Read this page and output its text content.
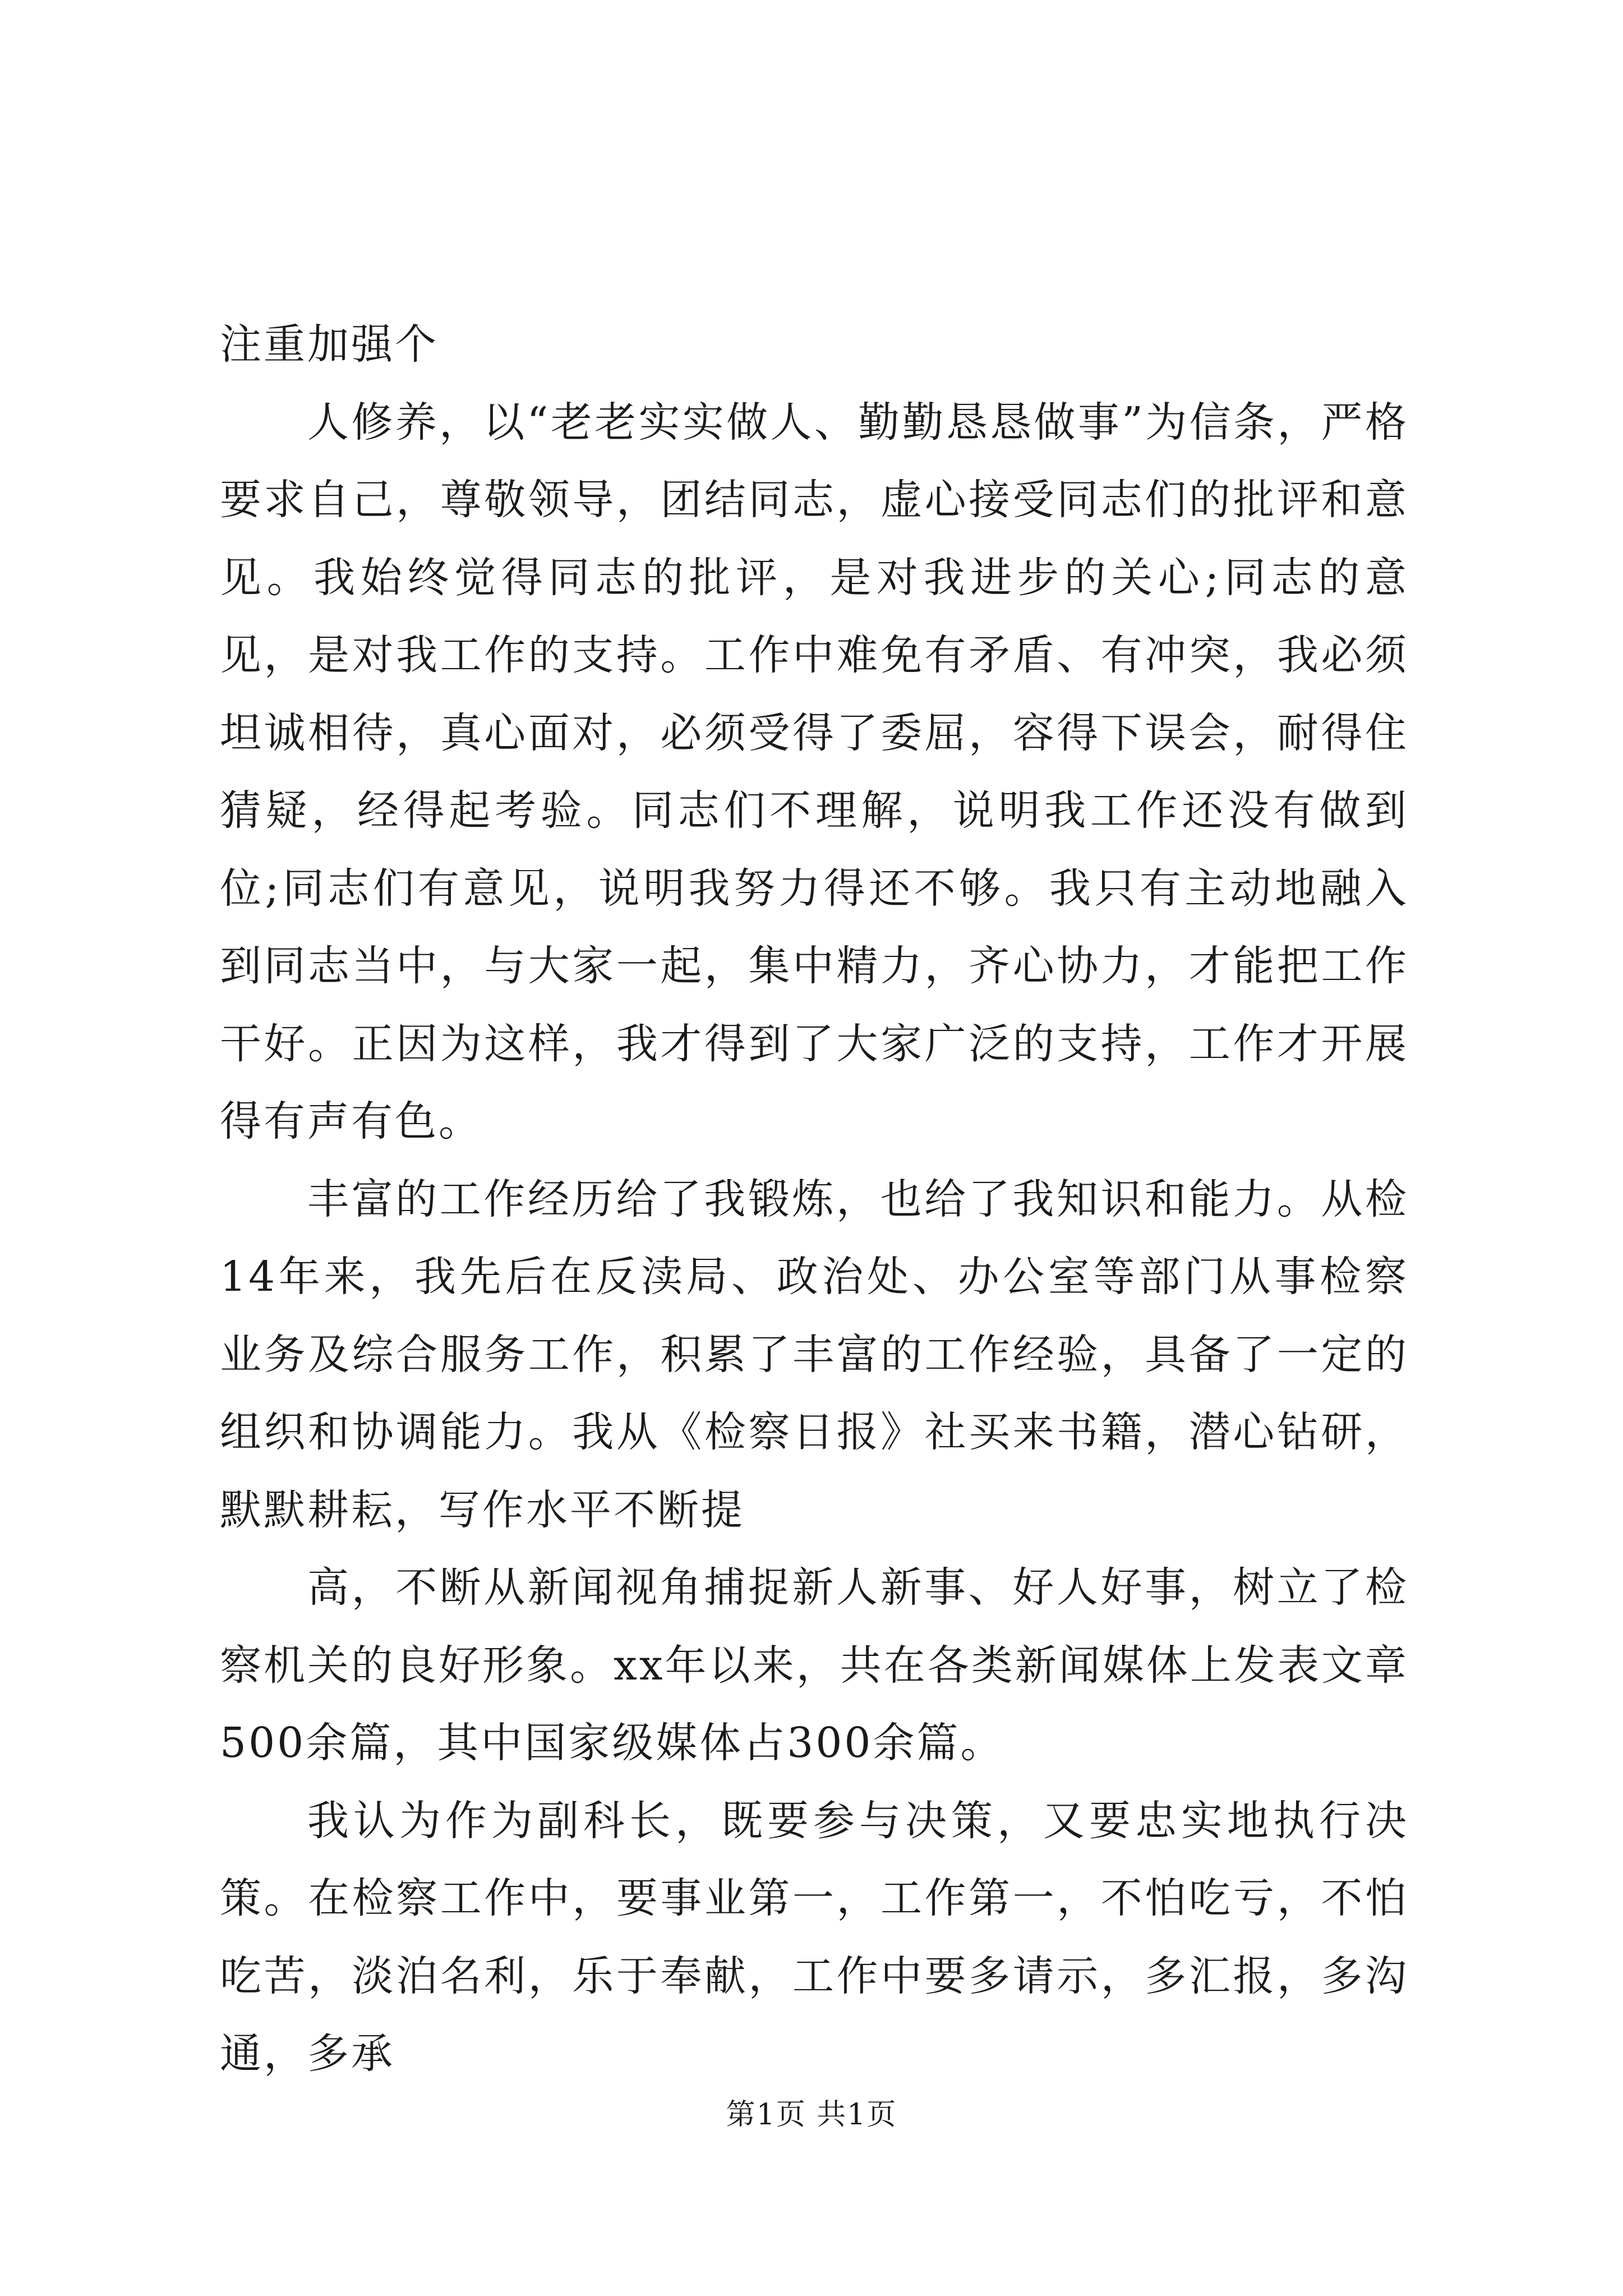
注重加强个

人修养，以“老老实实做人、勤勤恳恳做事”为信条，严格要求自己，尊敬领导，团结同志，虚心接受同志们的批评和意见。我始终觉得同志的批评，是对我进步的关心;同志的意见，是对我工作的支持。工作中难免有矛盾、有冲突，我必须坦诚相待，真心面对，必须受得了委屈，容得下误会，耐得住猜疑，经得起考验。同志们不理解，说明我工作还没有做到位;同志们有意见，说明我努力得还不够。我只有主动地融入到同志当中，与大家一起，集中精力，齐心协力，才能把工作干好。正因为这样，我才得到了大家广泛的支持，工作才开展得有声有色。

丰富的工作经历给了我锻炼，也给了我知识和能力。从检14年来，我先后在反渎局、政治处、办公室等部门从事检察业务及综合服务工作，积累了丰富的工作经验，具备了一定的组织和协调能力。我从《检察日报》社买来书籍，潜心钻研，默默耕耘，写作水平不断提

高，不断从新闻视角捕捉新人新事、好人好事，树立了检察机关的良好形象。xx年以来，共在各类新闻媒体上发表文章500余篇，其中国家级媒体占300余篇。

我认为作为副科长，既要参与决策，又要忠实地执行决策。在检察工作中，要事业第一，工作第一，不怕吃亏，不怕吃苦，淡泊名利，乐于奉献，工作中要多请示，多汇报，多沟通，多承

第1页 共1页
